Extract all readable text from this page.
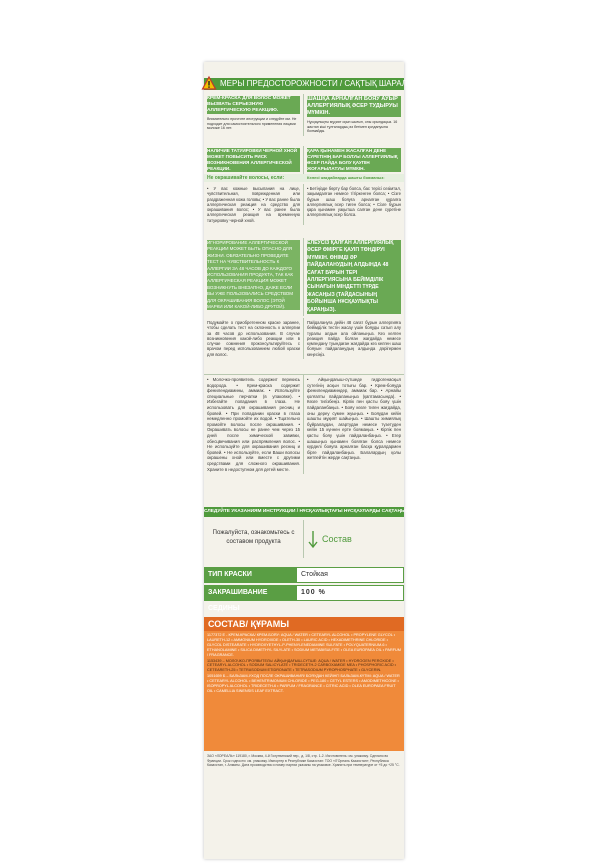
МЕРЫ ПРЕДОСТОРОЖНОСТИ / САҚТЫҚ ШАРАЛАРЫ
КРЕМ-КРАСКА ДЛЯ ВОЛОС МОЖЕТ ВЫЗВАТЬ СЕРЬЕЗНУЮ АЛЛЕРГИЧЕСКУЮ РЕАКЦИЮ.
Внимательно прочтите инструкции и следуйте им. Не подходит для самостоятельного применения лицами моложе 16 лет.
ШАШҚА АРНАЛҒАН БОЯУ АУЫР АЛЛЕРГИЯЛЫҚ ӘСЕР ТУДЫРУЫ МҮМКІН.
Нұсқаулықты мұқият оқып шығып, оны орындаңыз. 16 жастан кіші тұлғалардың өз бетімен қолдануына болмайды.
НАЛИЧИЕ ТАТУИРОВКИ ЧЕРНОЙ ХНОЙ МОЖЕТ ПОВЫСИТЬ РИСК ВОЗНИКНОВЕНИЯ АЛЛЕРГИЧЕСКОЙ РЕАКЦИИ.
ҚАРА ҚЫНАМЕН ЖАСАЛҒАН ДЕНЕ СУРЕТІНІҢ БАР БОЛУЫ АЛЛЕРГИЯЛЫҚ ӘСЕР ПАЙДА БОЛУ ҚАУПІН ЖОҒАРЫЛАТУЫ МҮМКІН.
Не окрашивайте волосы, если:	Келесі жағдайларда шашты бояманыз:
• У вас кожные высыпания на лице, чувствительная, поврежденная или раздраженная кожа головы; • У вас ранее была аллергическая реакция на средство для окрашивания волос; • У вас ранее была аллергическая реакция на временную татуировку черной хной.
• Бетіңізде бөртү бар болса, бас терісі сезімтал, зақымдалған немесе тітіркенген болса; • Сізге бұрын шаш бояуға арналған құралға аллергиялық әсер тиген болса; • Сізге бұрын қара қынамен уақытша салған дене суретіне аллергиялық әсер болса.
ИГНОРИРОВАНИЕ АЛЛЕРГИЧЕСКОЙ РЕАКЦИИ МОЖЕТ БЫТЬ ОПАСНО ДЛЯ ЖИЗНИ. ОБЯЗАТЕЛЬНО ПРОВЕДИТЕ ТЕСТ НА ЧУВСТВИТЕЛЬНОСТЬ К АЛЛЕРГИИ ЗА 48 ЧАСОВ ДО КАЖДОГО ИСПОЛЬЗОВАНИЯ ПРОДУКТА, ТАК КАК АЛЛЕРГИЧЕСКАЯ РЕАКЦИЯ МОЖЕТ ВОЗНИКНУТЬ ВНЕЗАПНО, ДАЖЕ ЕСЛИ ВЫ УЖЕ ПОЛЬЗОВАЛИСЬ СРЕДСТВОМ ДЛЯ ОКРАШИВАНИЯ ВОЛОС (ЭТОЙ МАРКИ ИЛИ КАКОЙ-ЛИБО ДРУГОЙ).
ЕЛЕУСІЗ ҚАЛҒАН АЛЛЕРГИЯЛЫҚ ӘСЕР ӨМІРГЕ ҚАУІП ТӨНДІРУІ МҮМКІН. ӨНІМДІ ӘР ПАЙДАЛАНУДЫҢ АЛДЫНДА 48 САҒАТ БҰРЫН ТЕРІ АЛЛЕРГИЯСЫНА БЕЙІМДІЛІК СЫНАҒЫН МІНДЕТТІ ТҮРДЕ ЖАСАҢЫЗ (ТАЙДАСЫНЫҢ БОЙЫНША НҰСҚАУЛЫҚТЫ ҚАРАҢЫЗ).
Подумайте о приобретенном краске заранее, чтобы сделать тест на склонность к аллергии за 48 часов до использования. В случае возникновения какой-либо реакции или в случае сомнения проконсультируйтесь с врачом перед использованием любой краски для волос.
Пайдалануға дейін 48 сағат бұрын аллергияға бейімділік тестін жасау үшін бояуды сатып алу туралы алдын ала ойланыңыз. Кез келген реакция пайда болған жағдайда немесе күмәндану туындаған жағдайда кез келген шаш бояуын пайдаланудың алдында дәрігермен кеңесіңіз.
• Молочко-проявитель содержит перекись водорода. • Крем-краска содержит фенилендиамины, аммиак. • Используйте специальные перчатки (в упаковке). • Избегайте попадания в глаза. Не использовать для окрашивания ресниц и бровей. • При попадании краски в глаза немедленно промойте их водой. • Тщательно промойте волосы после окрашивания. • Окрашивать волосы не ранее чем через 15 дней после химической завивки, обесцвечивания или распрямления волос. • Не используйте для окрашивания ресниц и бровей. • Не используйте, если Ваши волосы окрашены хной или вместе с другими средствами для сложного окрашивания. Храните в недоступном для детей месте.
• Айқындағыш-сүтшеде гидрогенасқыл сутегінің асқын тотығы бар. • Крем-бояуда фенилендиаминдер, аммиак бар. • Арнайы қолғапты пайдаланыңыз (қаптамасында). • Көзге тигізбеңіз. Кірпік пен қасты бояу үшін пайдаланбаңыз. • Бояу көзге тиген жағдайда, оны дереу сумен жуыңыз. • Бояудан кейін шашты мұқият шайыңыз. • Шашты химиялық бұйралаудан, ағартудан немесе түзетуден кейін 15 күннен ерте боямаңыз. • Кірпік пен қасты бояу үшін пайдаланбаңыз. • Егер шашыңыз қынамен боялған болса немесе күрделі бояуға арналған басқа құралдармен бірге пайдаланбаңыз. Балалардың қолы жетпейтін жерде сақтаңыз.
СЛЕДУЙТЕ УКАЗАНИЯМ ИНСТРУКЦИИ / НҰСҚАУЛЫҚТАҒЫ НҰСҚАУЛАРДЫ САҚТАҢЫЗ
Пожалуйста, ознакомьтесь с составом продукта	Состав
ТИП КРАСКИ	Стойкая
ЗАКРАШИВАНИЕ СЕДИНЫ
100 %
СОСТАВ/ ҚҰРАМЫ

1177372 Е - КРЕМ-КРАСКА/ КРЕМ-БОЯУ: AQUA / WATER • CETEARYL ALCOHOL • PROPYLENE GLYCOL • LAURETH-12 • AMMONIUM HYDROXIDE • OLETH-30 • LAURIC ACID • HEXADIMETHRINE CHLORIDE • GLYCOL DISTEARATE • HYDROXYETHYL-P-PHENYLENEDIAMINE SULFATE • POLYQUATERNIUM-6 • ETHANOLAMINE • SILICA DIMETHYL SILYLATE • SODIUM METABISULFITE • OLEA EUROPAEA OIL • PARFUM / FRAGRANCE.

1153439 – МОЛОЧКО-ПРОЯВИТЕЛЬ/ АЙҚЫНДАҒЫШ-СҮТШЕ: AQUA / WATER • HYDROGEN PEROXIDE • CETEARYL ALCOHOL • SODIUM SALICYLATE • TRIDECETH-2 CARBOXAMIDE MEA • PHOSPHORIC ACID • CETEARETH-25 • TETRASODIUM ETIDRONATE • TETRASODIUM PYROPHOSPHATE • GLYCERIN.

1051659 Б – БАЛЬЗАМ-УХОД ПОСЛЕ ОКРАШИВАНИЯ/ БОЯУДАН КЕЙІНГІ БАЛЬЗАМ-КҮТІМ: AQUA / WATER • CETEARYL ALCOHOL • BEHENTRIMONIUM CHLORIDE • PEG-180 • CETYL ESTERS • AMODIMETHICONE • ISOPROPYL ALCOHOL • TRIDECETH-6 • PARFUM / FRAGRANCE • CITRIC ACID • OLEA EUROPAEA FRUIT OIL • CAMELLIA SINENSIS LEAF EXTRACT.

ЗАО «ЛОРЕАЛЬ» 119180, г. Москва, 4-й Голутвинский пер., д. 1/8, стр. 1-2. Изготовитель: см. упаковку. Сделано во Франции. Срок годности: см. упаковку. Импортер в Республике Казахстан: ТОО «Л'Ореаль Казахстан», Республика Казахстан, г. Алматы. Дата производства и номер партии указаны на упаковке. Хранить при температуре от +5 до +25 °С.
